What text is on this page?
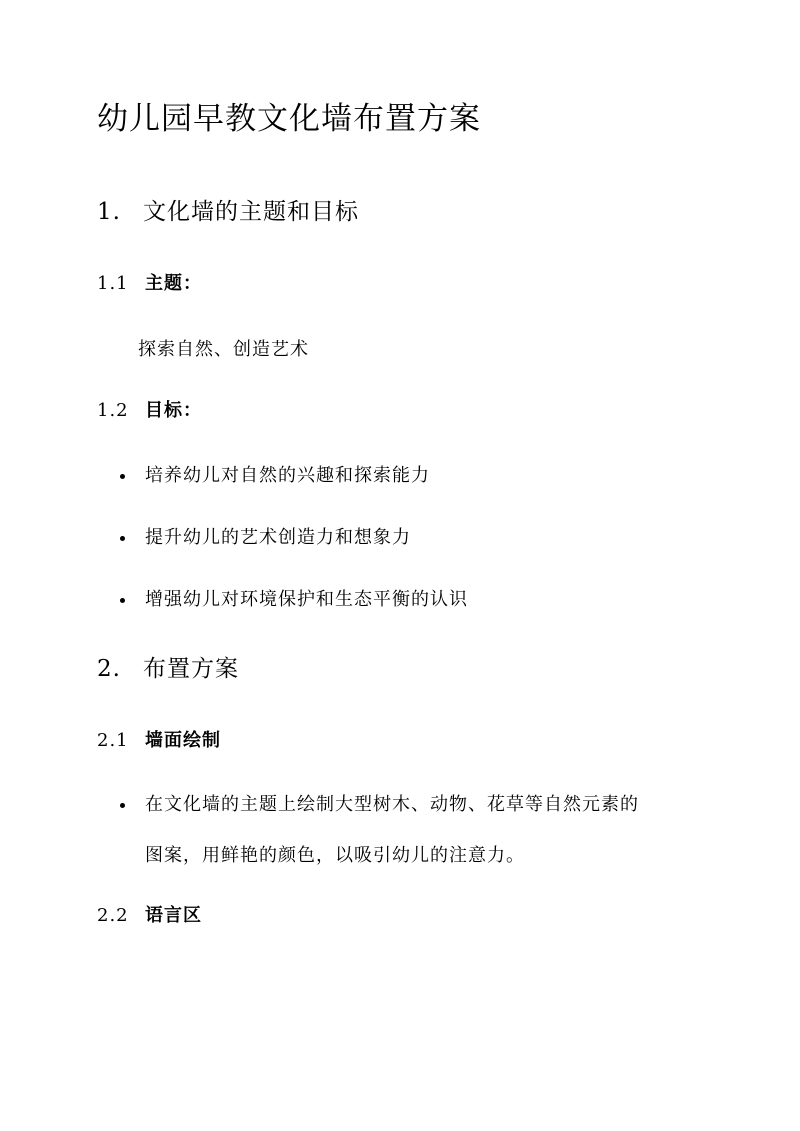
幼儿园早教文化墙布置方案
1. 文化墙的主题和目标
1.1 主题：

探索自然、创造艺术

1.2 目标：
培养幼儿对自然的兴趣和探索能力
提升幼儿的艺术创造力和想象力
增强幼儿对环境保护和生态平衡的认识
2. 布置方案
2.1 墙面绘制
在文化墙的主题上绘制大型树木、动物、花草等自然元素的

图案，用鲜艳的颜色，以吸引幼儿的注意力。

2.2 语言区
